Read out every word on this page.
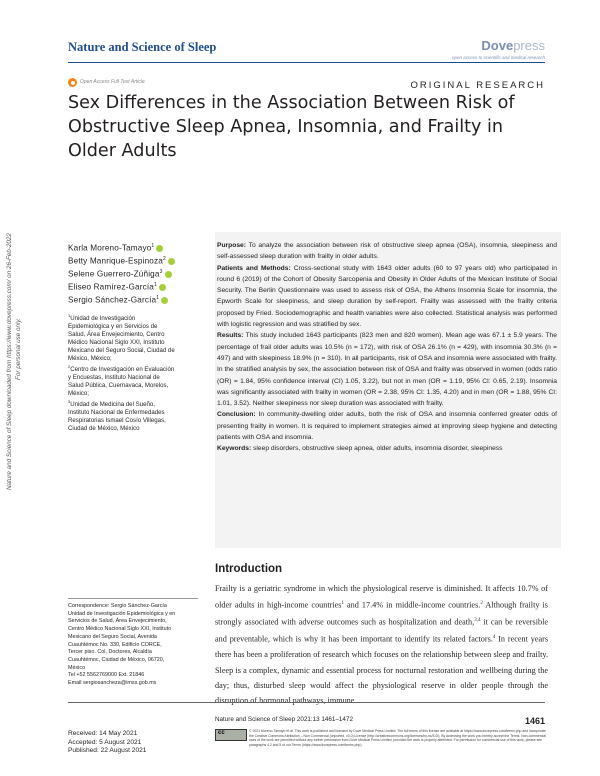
Nature and Science of Sleep	Dovepress
open access to scientific and medical research
Open Access Full Text Article	ORIGINAL RESEARCH
Sex Differences in the Association Between Risk of Obstructive Sleep Apnea, Insomnia, and Frailty in Older Adults
Karla Moreno-Tamayo$^1$
Betty Manrique-Espinoza$^2$
Selene Guerrero-Zúñiga$^3$
Eliseo Ramírez-García$^1$
Sergio Sánchez-García$^1$

$^1$Unidad de Investigación Epidemiológica y en Servicios de Salud, Área Envejecimiento, Centro Médico Nacional Siglo XXI, Instituto Mexicano del Seguro Social, Ciudad de México, México;

$^2$Centro de Investigación en Evaluación y Encuestas, Instituto Nacional de Salud Pública, Cuernavaca, Morelos, México;

$^3$Unidad de Medicina del Sueño, Instituto Nacional de Enfermedades Respiratorias Ismael Cosío Villegas, Ciudad de México, México

Purpose: To analyze the association between risk of obstructive sleep apnea (OSA), insomnia, sleepiness and self-assessed sleep duration with frailty in older adults.

Patients and Methods: Cross-sectional study with 1643 older adults (60 to 97 years old) who participated in round 6 (2019) of the Cohort of Obesity Sarcopenia and Obesity in Older Adults of the Mexican Institute of Social Security. The Berlin Questionnaire was used to assess risk of OSA, the Athens Insomnia Scale for insomnia, the Epworth Scale for sleepiness, and sleep duration by self-report. Frailty was assessed with the frailty criteria proposed by Fried. Sociodemographic and health variables were also collected. Statistical analysis was performed with logistic regression and was stratified by sex.

Results: This study included 1643 participants (823 men and 820 women). Mean age was 67.1 ± 5.9 years. The percentage of frail older adults was 10.5% (n = 172), with risk of OSA 26.1% (n = 429), with insomnia 30.3% (n = 497) and with sleepiness 18.9% (n = 310). In all participants, risk of OSA and insomnia were associated with frailty. In the stratified analysis by sex, the association between risk of OSA and frailty was observed in women (odds ratio (OR) = 1.84, 95% confidence interval (CI) 1.05, 3.22), but not in men (OR = 1.19, 95% CI: 0.65, 2.19). Insomnia was significantly associated with frailty in women (OR = 2.38, 95% CI: 1.35, 4.20) and in men (OR = 1.88, 95% CI: 1.01, 3.52). Neither sleepiness nor sleep duration was associated with frailty.

Conclusion: In community-dwelling older adults, both the risk of OSA and insomnia conferred greater odds of presenting frailty in women. It is required to implement strategies aimed at improving sleep hygiene and detecting patients with OSA and insomnia.

Keywords: sleep disorders, obstructive sleep apnea, older adults, insomnia disorder, sleepiness

Introduction
Frailty is a geriatric syndrome in which the physiological reserve is diminished. It affects 10.7% of older adults in high-income countries$^1$ and 17.4% in middle-income countries.$^2$ Although frailty is strongly associated with adverse outcomes such as hospitalization and death,$^{3,4}$ it can be reversible and preventable, which is why it has been important to identify its related factors.$^4$ In recent years there has been a proliferation of research which focuses on the relationship between sleep and frailty. Sleep is a complex, dynamic and essential process for nocturnal restoration and wellbeing during the day; thus, disturbed sleep would affect the physiological reserve in older people through the disruption of hormonal pathways, immune

Correspondence: Sergio Sánchez-García

Unidad de Investigación Epidemiológica y en

Servicios de Salud, Área Envejecimiento,

Centro Médico Nacional Siglo XXI, Instituto

Mexicano del Seguro Social, Avenida

Cuauhtémoc No. 330, Edificio CORCE,

Tercer piso. Col. Doctores, Alcaldía

Cuauhtémoc, Ciudad de México, 06720,

México

Tel +52 5562769000 Ext. 21846

Email sergiosancheza@imss.gob.mx

Received: 14 May 2021

Accepted: 5 August 2021

Published: 22 August 2021

Nature and Science of Sleep 2021:13 1461–1472	1461
cc
© 2021 Moreno-Tamayo et al. This work is published and licensed by Dove Medical Press Limited. The full terms of this license are available at https://www.dovepress.com/terms.php and incorporate the Creative Commons Attribution – Non Commercial (unported, v3.0) License (http://creativecommons.org/licenses/by-nc/3.0/). By accessing the work you hereby accept the Terms. Non-commercial uses of the work are permitted without any further permission from Dove Medical Press Limited, provided the work is properly attributed. For permission for commercial use of this work, please see paragraphs 4.2 and 5 of our Terms (https://www.dovepress.com/terms.php).
Nature and Science of Sleep downloaded from https://www.dovepress.com/ on 26-Feb-2022 For personal use only.
